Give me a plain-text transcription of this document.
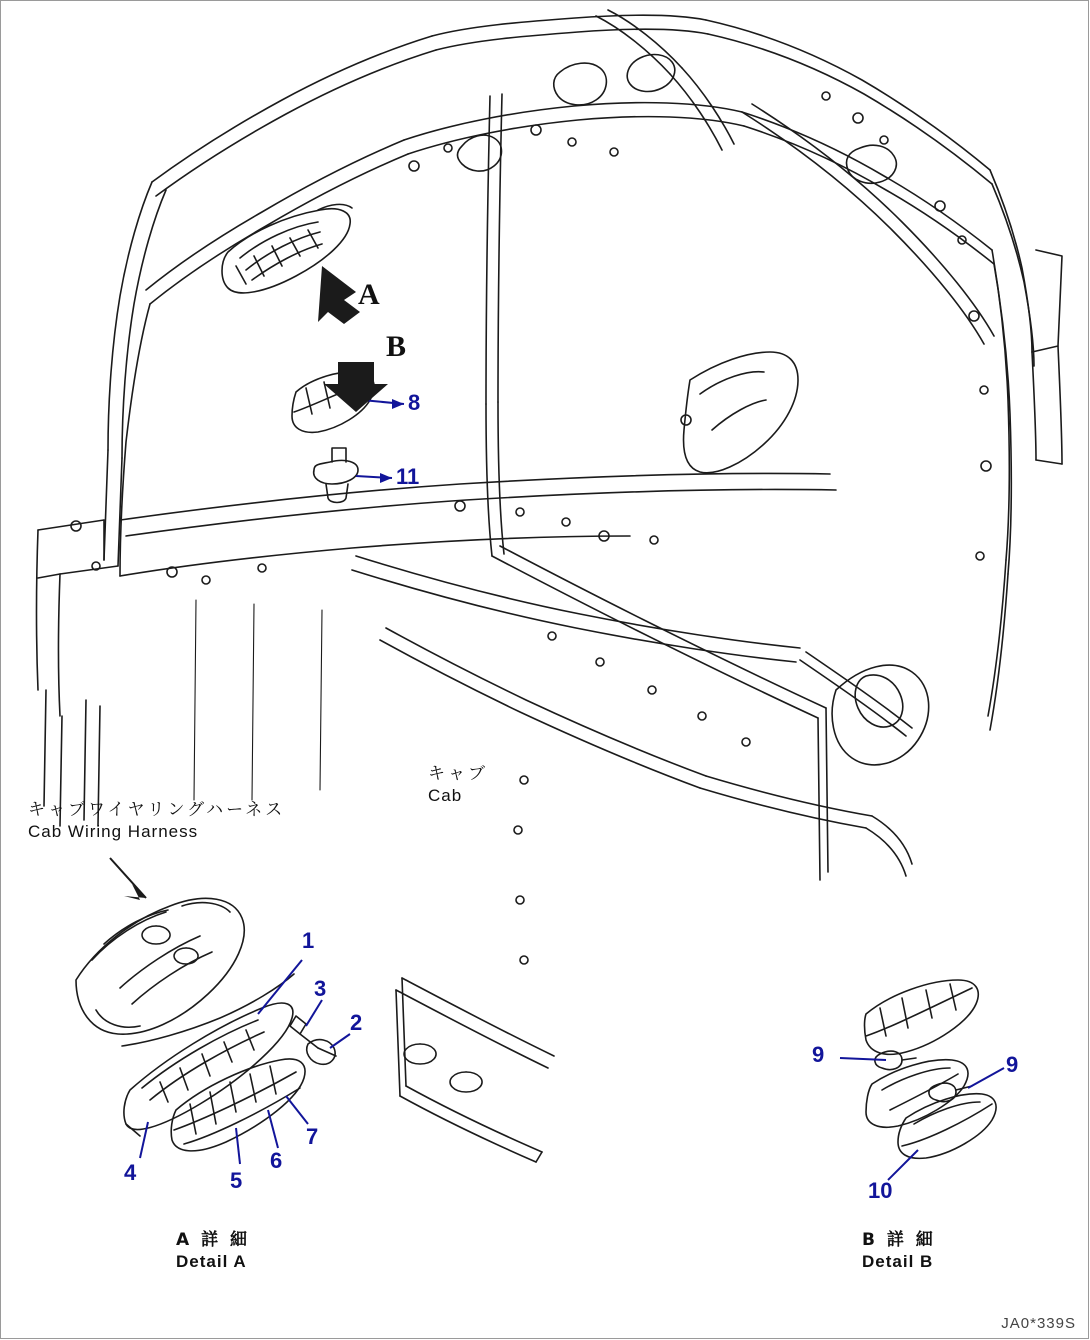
A
B
8
11
1
3
2
4	5
6
7
9	9
10
キャブワイヤリングハーネス
Cab Wiring Harness
キャブ
Cab
A 詳 細
Detail A
B 詳 細
Detail B
JA0*339S
